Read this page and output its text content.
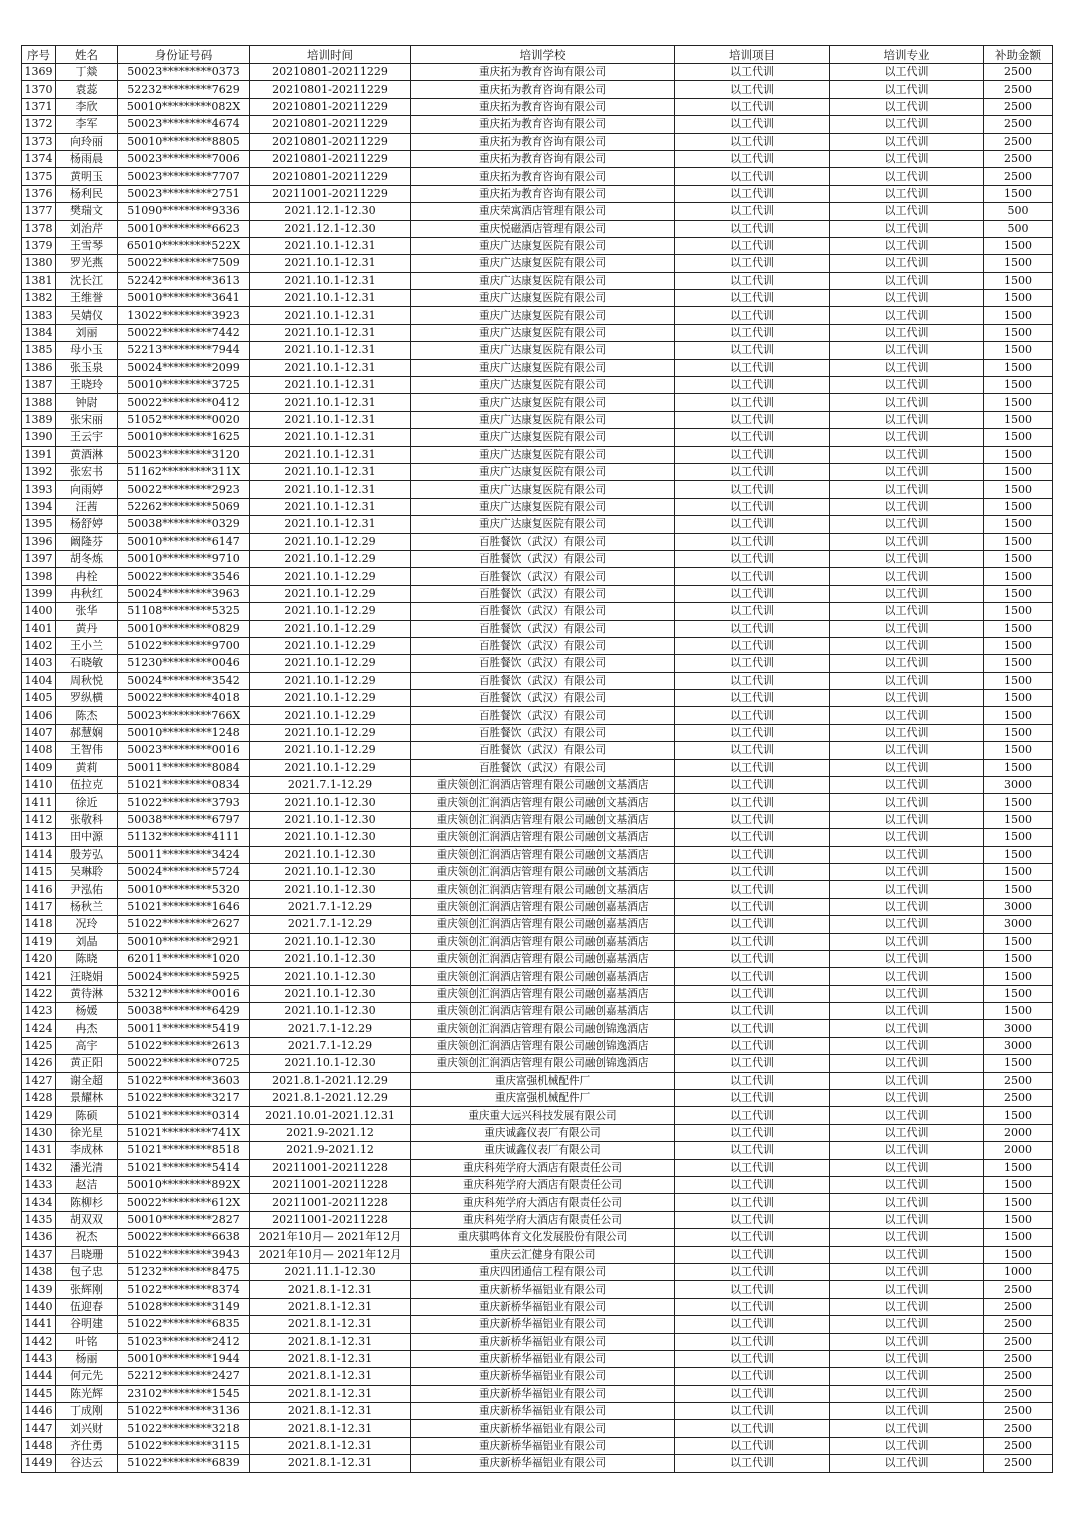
序号	姓名	身份证号码	培训时间	培训学校	培训项目	培训专业	补助金额
1369	丁燚	50023*********0373	20210801-20211229	重庆拓为教育咨询有限公司	以工代训	以工代训	2500
1370	袁蕊	52232*********7629	20210801-20211229	重庆拓为教育咨询有限公司	以工代训	以工代训	2500
1371	李欣	50010*********082X	20210801-20211229	重庆拓为教育咨询有限公司	以工代训	以工代训	2500
1372	李军	50023*********4674	20210801-20211229	重庆拓为教育咨询有限公司	以工代训	以工代训	2500
1373	向玲丽	50010*********8805	20210801-20211229	重庆拓为教育咨询有限公司	以工代训	以工代训	2500
1374	杨雨晨	50023*********7006	20210801-20211229	重庆拓为教育咨询有限公司	以工代训	以工代训	2500
1375	黄明玉	50023*********7707	20210801-20211229	重庆拓为教育咨询有限公司	以工代训	以工代训	2500
1376	杨利民	50023*********2751	20211001-20211229	重庆拓为教育咨询有限公司	以工代训	以工代训	1500
1377	樊瑞文	51090*********9336	2021.12.1-12.30	重庆荣寓酒店管理有限公司	以工代训	以工代训	500
1378	刘治芹	50010*********6623	2021.12.1-12.30	重庆悦磁酒店管理有限公司	以工代训	以工代训	500
1379	王雪琴	65010*********522X	2021.10.1-12.31	重庆广达康复医院有限公司	以工代训	以工代训	1500
1380	罗光燕	50022*********7509	2021.10.1-12.31	重庆广达康复医院有限公司	以工代训	以工代训	1500
1381	沈长江	52242*********3613	2021.10.1-12.31	重庆广达康复医院有限公司	以工代训	以工代训	1500
1382	王维誉	50010*********3641	2021.10.1-12.31	重庆广达康复医院有限公司	以工代训	以工代训	1500
1383	吴婧仪	13022*********3923	2021.10.1-12.31	重庆广达康复医院有限公司	以工代训	以工代训	1500
1384	刘丽	50022*********7442	2021.10.1-12.31	重庆广达康复医院有限公司	以工代训	以工代训	1500
1385	母小玉	52213*********7944	2021.10.1-12.31	重庆广达康复医院有限公司	以工代训	以工代训	1500
1386	张玉泉	50024*********2099	2021.10.1-12.31	重庆广达康复医院有限公司	以工代训	以工代训	1500
1387	王晓玲	50010*********3725	2021.10.1-12.31	重庆广达康复医院有限公司	以工代训	以工代训	1500
1388	钟尉	50022*********0412	2021.10.1-12.31	重庆广达康复医院有限公司	以工代训	以工代训	1500
1389	张宋丽	51052*********0020	2021.10.1-12.31	重庆广达康复医院有限公司	以工代训	以工代训	1500
1390	王云宇	50010*********1625	2021.10.1-12.31	重庆广达康复医院有限公司	以工代训	以工代训	1500
1391	黄酒淋	50023*********3120	2021.10.1-12.31	重庆广达康复医院有限公司	以工代训	以工代训	1500
1392	张宏书	51162*********311X	2021.10.1-12.31	重庆广达康复医院有限公司	以工代训	以工代训	1500
1393	向雨婷	50022*********2923	2021.10.1-12.31	重庆广达康复医院有限公司	以工代训	以工代训	1500
1394	汪茜	52262*********5069	2021.10.1-12.31	重庆广达康复医院有限公司	以工代训	以工代训	1500
1395	杨舒婷	50038*********0329	2021.10.1-12.31	重庆广达康复医院有限公司	以工代训	以工代训	1500
1396	阚隆芬	50010*********6147	2021.10.1-12.29	百胜餐饮（武汉）有限公司	以工代训	以工代训	1500
1397	胡冬炼	50010*********9710	2021.10.1-12.29	百胜餐饮（武汉）有限公司	以工代训	以工代训	1500
1398	冉栓	50022*********3546	2021.10.1-12.29	百胜餐饮（武汉）有限公司	以工代训	以工代训	1500
1399	冉秋红	50024*********3963	2021.10.1-12.29	百胜餐饮（武汉）有限公司	以工代训	以工代训	1500
1400	张华	51108*********5325	2021.10.1-12.29	百胜餐饮（武汉）有限公司	以工代训	以工代训	1500
1401	黄丹	50010*********0829	2021.10.1-12.29	百胜餐饮（武汉）有限公司	以工代训	以工代训	1500
1402	王小兰	51022*********9700	2021.10.1-12.29	百胜餐饮（武汉）有限公司	以工代训	以工代训	1500
1403	石晓敏	51230*********0046	2021.10.1-12.29	百胜餐饮（武汉）有限公司	以工代训	以工代训	1500
1404	周秋悦	50024*********3542	2021.10.1-12.29	百胜餐饮（武汉）有限公司	以工代训	以工代训	1500
1405	罗纵横	50022*********4018	2021.10.1-12.29	百胜餐饮（武汉）有限公司	以工代训	以工代训	1500
1406	陈杰	50023*********766X	2021.10.1-12.29	百胜餐饮（武汉）有限公司	以工代训	以工代训	1500
1407	郝慧娴	50010*********1248	2021.10.1-12.29	百胜餐饮（武汉）有限公司	以工代训	以工代训	1500
1408	王智伟	50023*********0016	2021.10.1-12.29	百胜餐饮（武汉）有限公司	以工代训	以工代训	1500
1409	黄莉	50011*********8084	2021.10.1-12.29	百胜餐饮（武汉）有限公司	以工代训	以工代训	1500
1410	伍拉克	51021*********0834	2021.7.1-12.29	重庆领创汇润酒店管理有限公司融创文基酒店	以工代训	以工代训	3000
1411	徐近	51022*********3793	2021.10.1-12.30	重庆领创汇润酒店管理有限公司融创文基酒店	以工代训	以工代训	1500
1412	张敬科	50038*********6797	2021.10.1-12.30	重庆领创汇润酒店管理有限公司融创文基酒店	以工代训	以工代训	1500
1413	田中源	51132*********4111	2021.10.1-12.30	重庆领创汇润酒店管理有限公司融创文基酒店	以工代训	以工代训	1500
1414	殷芳弘	50011*********3424	2021.10.1-12.30	重庆领创汇润酒店管理有限公司融创文基酒店	以工代训	以工代训	1500
1415	吴琳聆	50024*********5724	2021.10.1-12.30	重庆领创汇润酒店管理有限公司融创文基酒店	以工代训	以工代训	1500
1416	尹泓佑	50010*********5320	2021.10.1-12.30	重庆领创汇润酒店管理有限公司融创文基酒店	以工代训	以工代训	1500
1417	杨秋兰	51021*********1646	2021.7.1-12.29	重庆领创汇润酒店管理有限公司融创嘉基酒店	以工代训	以工代训	3000
1418	况玲	51022*********2627	2021.7.1-12.29	重庆领创汇润酒店管理有限公司融创嘉基酒店	以工代训	以工代训	3000
1419	刘晶	50010*********2921	2021.10.1-12.30	重庆领创汇润酒店管理有限公司融创嘉基酒店	以工代训	以工代训	1500
1420	陈晓	62011*********1020	2021.10.1-12.30	重庆领创汇润酒店管理有限公司融创嘉基酒店	以工代训	以工代训	1500
1421	汪晓娟	50024*********5925	2021.10.1-12.30	重庆领创汇润酒店管理有限公司融创嘉基酒店	以工代训	以工代训	1500
1422	黄待淋	53212*********0016	2021.10.1-12.30	重庆领创汇润酒店管理有限公司融创嘉基酒店	以工代训	以工代训	1500
1423	杨媛	50038*********6429	2021.10.1-12.30	重庆领创汇润酒店管理有限公司融创嘉基酒店	以工代训	以工代训	1500
1424	冉杰	50011*********5419	2021.7.1-12.29	重庆领创汇润酒店管理有限公司融创锦逸酒店	以工代训	以工代训	3000
1425	高宇	51022*********2613	2021.7.1-12.29	重庆领创汇润酒店管理有限公司融创锦逸酒店	以工代训	以工代训	3000
1426	黄正阳	50022*********0725	2021.10.1-12.30	重庆领创汇润酒店管理有限公司融创锦逸酒店	以工代训	以工代训	1500
1427	谢全超	51022*********3603	2021.8.1-2021.12.29	重庆富强机械配件厂	以工代训	以工代训	2500
1428	景耀林	51022*********3217	2021.8.1-2021.12.29	重庆富强机械配件厂	以工代训	以工代训	2500
1429	陈硕	51021*********0314	2021.10.01-2021.12.31	重庆重大远兴科技发展有限公司	以工代训	以工代训	1500
1430	徐光星	51021*********741X	2021.9-2021.12	重庆诚鑫仪表厂有限公司	以工代训	以工代训	2000
1431	李成林	51021*********8518	2021.9-2021.12	重庆诚鑫仪表厂有限公司	以工代训	以工代训	2000
1432	潘光清	51021*********5414	20211001-20211228	重庆科苑学府大酒店有限责任公司	以工代训	以工代训	1500
1433	赵洁	50010*********892X	20211001-20211228	重庆科苑学府大酒店有限责任公司	以工代训	以工代训	1500
1434	陈柳杉	50022*********612X	20211001-20211228	重庆科苑学府大酒店有限责任公司	以工代训	以工代训	1500
1435	胡双双	50010*********2827	20211001-20211228	重庆科苑学府大酒店有限责任公司	以工代训	以工代训	1500
1436	祝杰	50022*********6638	2021年10月— 2021年12月	重庆骐鸣体育文化发展股份有限公司	以工代训	以工代训	1500
1437	吕晓珊	51022*********3943	2021年10月— 2021年12月	重庆云汇健身有限公司	以工代训	以工代训	1500
1438	包子忠	51232*********8475	2021.11.1-12.30	重庆四团通信工程有限公司	以工代训	以工代训	1000
1439	张辉刚	51022*********8374	2021.8.1-12.31	重庆新桥华福铝业有限公司	以工代训	以工代训	2500
1440	伍迎春	51028*********3149	2021.8.1-12.31	重庆新桥华福铝业有限公司	以工代训	以工代训	2500
1441	谷明建	51022*********6835	2021.8.1-12.31	重庆新桥华福铝业有限公司	以工代训	以工代训	2500
1442	叶铭	51023*********2412	2021.8.1-12.31	重庆新桥华福铝业有限公司	以工代训	以工代训	2500
1443	杨丽	50010*********1944	2021.8.1-12.31	重庆新桥华福铝业有限公司	以工代训	以工代训	2500
1444	何元先	52212*********2427	2021.8.1-12.31	重庆新桥华福铝业有限公司	以工代训	以工代训	2500
1445	陈光辉	23102*********1545	2021.8.1-12.31	重庆新桥华福铝业有限公司	以工代训	以工代训	2500
1446	丁成刚	51022*********3136	2021.8.1-12.31	重庆新桥华福铝业有限公司	以工代训	以工代训	2500
1447	刘兴财	51022*********3218	2021.8.1-12.31	重庆新桥华福铝业有限公司	以工代训	以工代训	2500
1448	齐仕勇	51022*********3115	2021.8.1-12.31	重庆新桥华福铝业有限公司	以工代训	以工代训	2500
1449	谷达云	51022*********6839	2021.8.1-12.31	重庆新桥华福铝业有限公司	以工代训	以工代训	2500
